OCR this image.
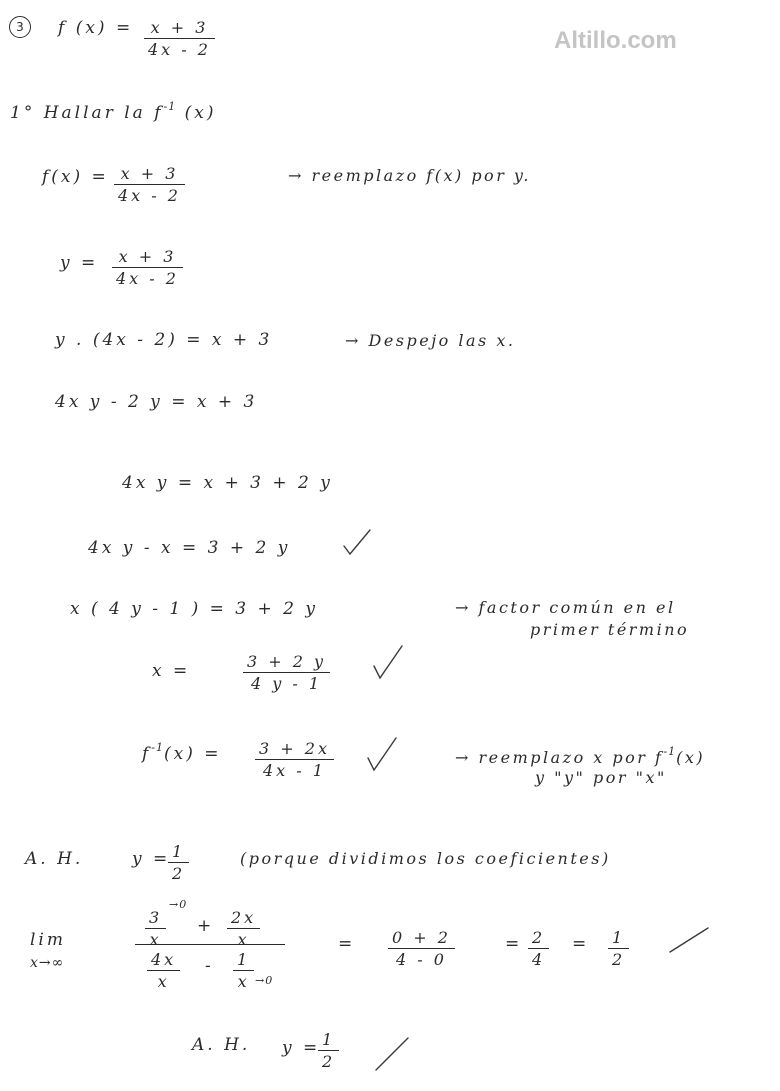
Altillo.com
3	f (x) = x + 3
4x - 2
1° Hallar la $f^{-1}$ (x)
f(x) = x + 3
4x - 2
→ reemplazo f(x) por y.
y = x + 3
4x - 2
y . (4x - 2) = x + 3	→ Despejo las x.
4x y - 2 y = x + 3
4x y = x + 3 + 2 y
4x y - x = 3 + 2 y
x ( 4 y - 1 ) = 3 + 2 y	→ factor común en el
primer término
x =	3 + 2 y
4 y - 1
$f^{-1}(x) = 3 + 2x$
4x - 1
→ reemplazo x por $f^{-1}(x)$
y "y" por "x"
A. H.	y = 1
2
(porque dividimos los coeficientes)
lim
x→∞
3
x
→0
+ 2x
x
4x
x
- 1
x →0
= 0 + 2
4 - 0
= 2
4
= 1
2
A. H. y = 1
2
